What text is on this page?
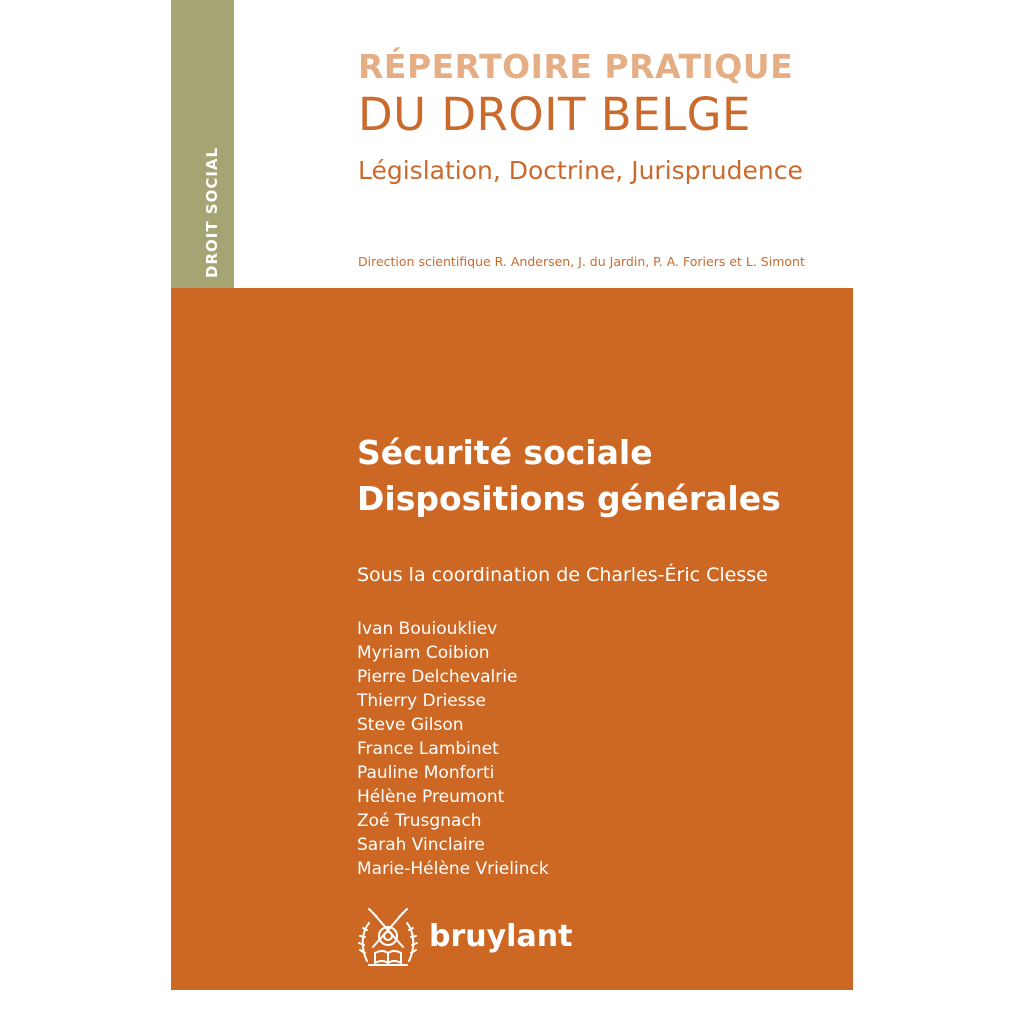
DROIT SOCIAL
RÉPERTOIRE PRATIQUE
DU DROIT BELGE
Législation, Doctrine, Jurisprudence
Direction scientifique R. Andersen, J. du Jardin, P. A. Foriers et L. Simont
Sécurité sociale
Dispositions générales
Sous la coordination de Charles-Éric Clesse
Ivan Bouioukliev
Myriam Coibion
Pierre Delchevalrie
Thierry Driesse
Steve Gilson
France Lambinet
Pauline Monforti
Hélène Preumont
Zoé Trusgnach
Sarah Vinclaire
Marie-Hélène Vrielinck
bruylant
